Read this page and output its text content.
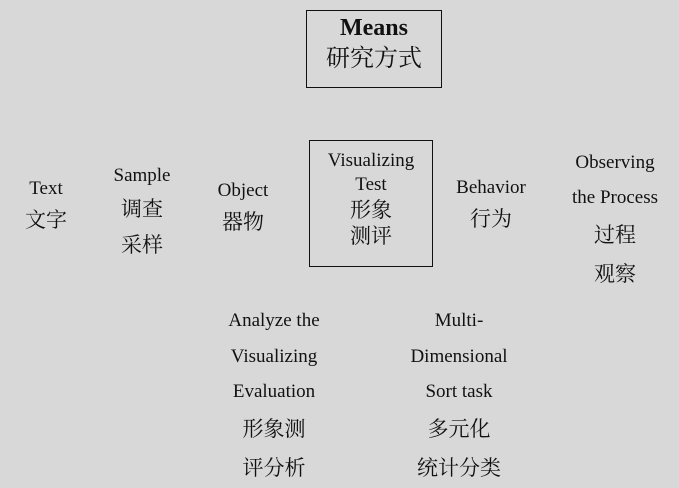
Means
研究方式
Visualizing
Test
形象
测评
Text
文字
Sample
调查
采样
Object
器物
Behavior
行为
Observing
the Process
过程
观察
Analyze the
Visualizing
Evaluation
形象测
评分析
Multi-
Dimensional
Sort task
多元化
统计分类
